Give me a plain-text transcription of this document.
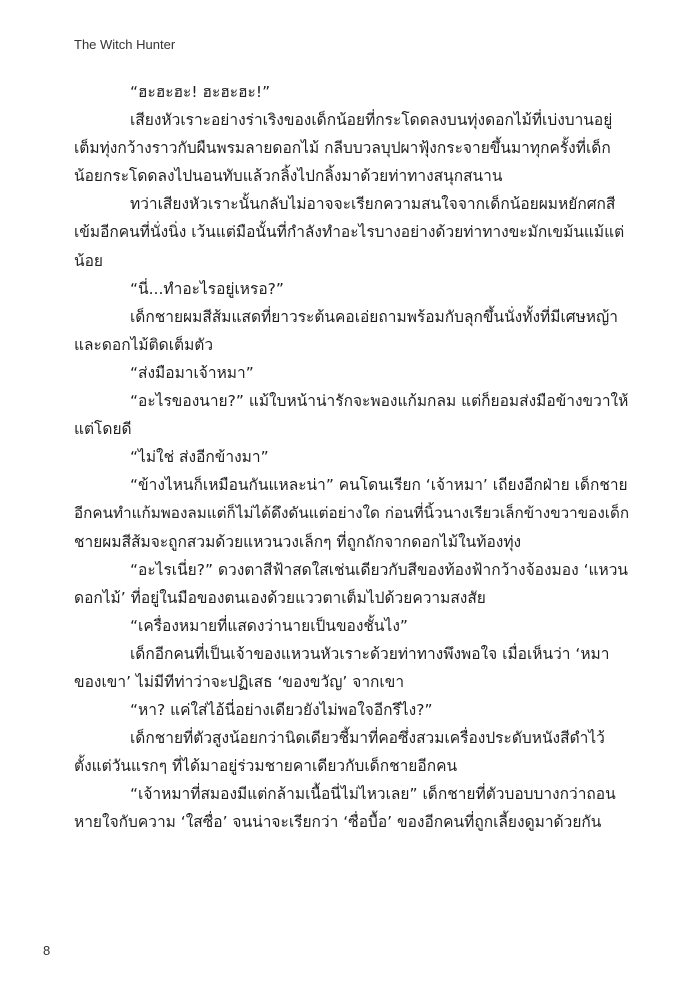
The Witch Hunter
“ฮะฮะฮะ! ฮะฮะฮะ!”
เสียงหัวเราะอย่างร่าเริงของเด็กน้อยที่กระโดดลงบนทุ่งดอกไม้ที่เบ่งบานอยู่
เต็มทุ่งกว้างราวกับผืนพรมลายดอกไม้ กลีบบวลบุปผาฟุ้งกระจายขึ้นมาทุกครั้งที่เด็ก
น้อยกระโดดลงไปนอนทับแล้วกลิ้งไปกลิ้งมาด้วยท่าทางสนุกสนาน
ทว่าเสียงหัวเราะนั้นกลับไม่อาจจะเรียกความสนใจจากเด็กน้อยผมหยักศกสี
เข้มอีกคนที่นั่งนิ่ง เว้นแต่มือนั้นที่กำลังทำอะไรบางอย่างด้วยท่าทางขะมักเขม้นแม้แต่
น้อย
“นี่...ทำอะไรอยู่เหรอ?”
เด็กชายผมสีส้มแสดที่ยาวระต้นคอเอ่ยถามพร้อมกับลุกขึ้นนั่งทั้งที่มีเศษหญ้า
และดอกไม้ติดเต็มตัว
“ส่งมือมาเจ้าหมา”
“อะไรของนาย?” แม้ใบหน้าน่ารักจะพองแก้มกลม แต่ก็ยอมส่งมือข้างขวาให้
แต่โดยดี
“ไม่ใช่ ส่งอีกข้างมา”
“ข้างไหนก็เหมือนกันแหละน่า” คนโดนเรียก ‘เจ้าหมา’ เถียงอีกฝ่าย เด็กชาย
อีกคนทำแก้มพองลมแต่ก็ไม่ได้ดึงดันแต่อย่างใด ก่อนที่นิ้วนางเรียวเล็กข้างขวาของเด็ก
ชายผมสีส้มจะถูกสวมด้วยแหวนวงเล็กๆ ที่ถูกถักจากดอกไม้ในท้องทุ่ง
“อะไรเนี่ย?” ดวงตาสีฟ้าสดใสเช่นเดียวกับสีของท้องฟ้ากว้างจ้องมอง ‘แหวน
ดอกไม้’ ที่อยู่ในมือของตนเองด้วยแววตาเต็มไปด้วยความสงสัย
“เครื่องหมายที่แสดงว่านายเป็นของชั้นไง”
เด็กอีกคนที่เป็นเจ้าของแหวนหัวเราะด้วยท่าทางพึงพอใจ เมื่อเห็นว่า ‘หมา
ของเขา’ ไม่มีทีท่าว่าจะปฏิเสธ ‘ของขวัญ’ จากเขา
“หา? แค่ใส่ไอ้นี่อย่างเดียวยังไม่พอใจอีกรึไง?”
เด็กชายที่ตัวสูงน้อยกว่านิดเดียวชี้มาที่คอซึ่งสวมเครื่องประดับหนังสีดำไว้
ตั้งแต่วันแรกๆ ที่ได้มาอยู่ร่วมชายคาเดียวกับเด็กชายอีกคน
“เจ้าหมาที่สมองมีแต่กล้ามเนื้อนี่ไม่ไหวเลย” เด็กชายที่ตัวบอบบางกว่าถอน
หายใจกับความ ‘ใสซื่อ’ จนน่าจะเรียกว่า ‘ซื่อบื้อ’ ของอีกคนที่ถูกเลี้ยงดูมาด้วยกัน
8
